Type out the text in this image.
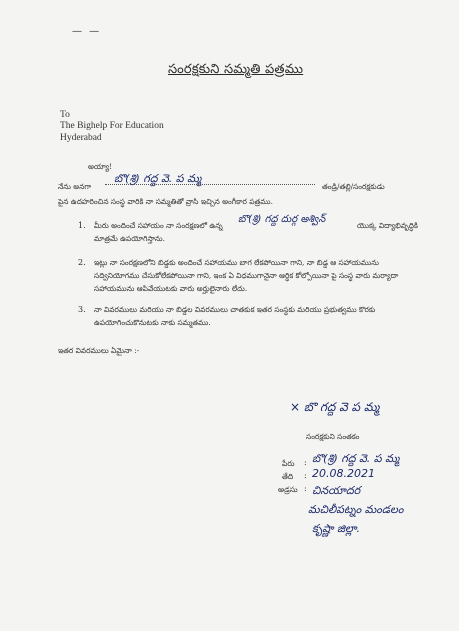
— —
సంరక్షకుని సమ్మతి పత్రము
To
The Bighelp For Education
Hyderabad
అయ్యా!
నేను అనగా
బొ(శ్రి) గద్ద వె. ప మ్మ
తండ్రి/తల్లి/సంరక్షకుడు
పైన ఉదహరించిన సంస్థ వారికి నా సమ్మతితో వ్రాసి ఇచ్చిన అంగీకార పత్రము.
1. మీరు అందించే సహాయం నా సంరక్షణలో ఉన్న
బొ(శ్రి) గద్ద దుర్గ అశ్విన్
యొక్క విద్యాభివృద్ధికి
మాత్రమే ఉపయోగిస్తాను.
2. ఇట్లు నా సంరక్షణలోని బిడ్డకు అందించే సహాయము బాగ లేకపోయినా గాని, నా బిడ్డ ఆ సహాయమును
సద్వినియోగము చేసుకోలేకపోయినా గాని, ఇంక ఏ విధముగానైనా ఆర్థిక కోల్పోయినా పై సంస్థ వారు మర్యాదా
సహాయమును ఆపివేయుటకు వారు అర్హులైనారు లేదు.
3. నా వివరములు మరియు నా బిడ్డల వివరములు చాతకుక ఇతర సంస్థకు మరియు ప్రభుత్వము కొరకు
ఉపయోగించుకొనుటకు నాకు సమ్మతము.
ఇతర వివరములు ఏమైనా :-
× బొ గద్ద వె ప మ్మ
సంరక్షకుని సంతకం
పేరు : బొ(శ్రి) గద్ద వె. ప మ్మ
తేది : 20.08.2021
అడ్రసు : చినయాదర
మచిలీపట్నం మండలం
కృష్ణా జిల్లా.
